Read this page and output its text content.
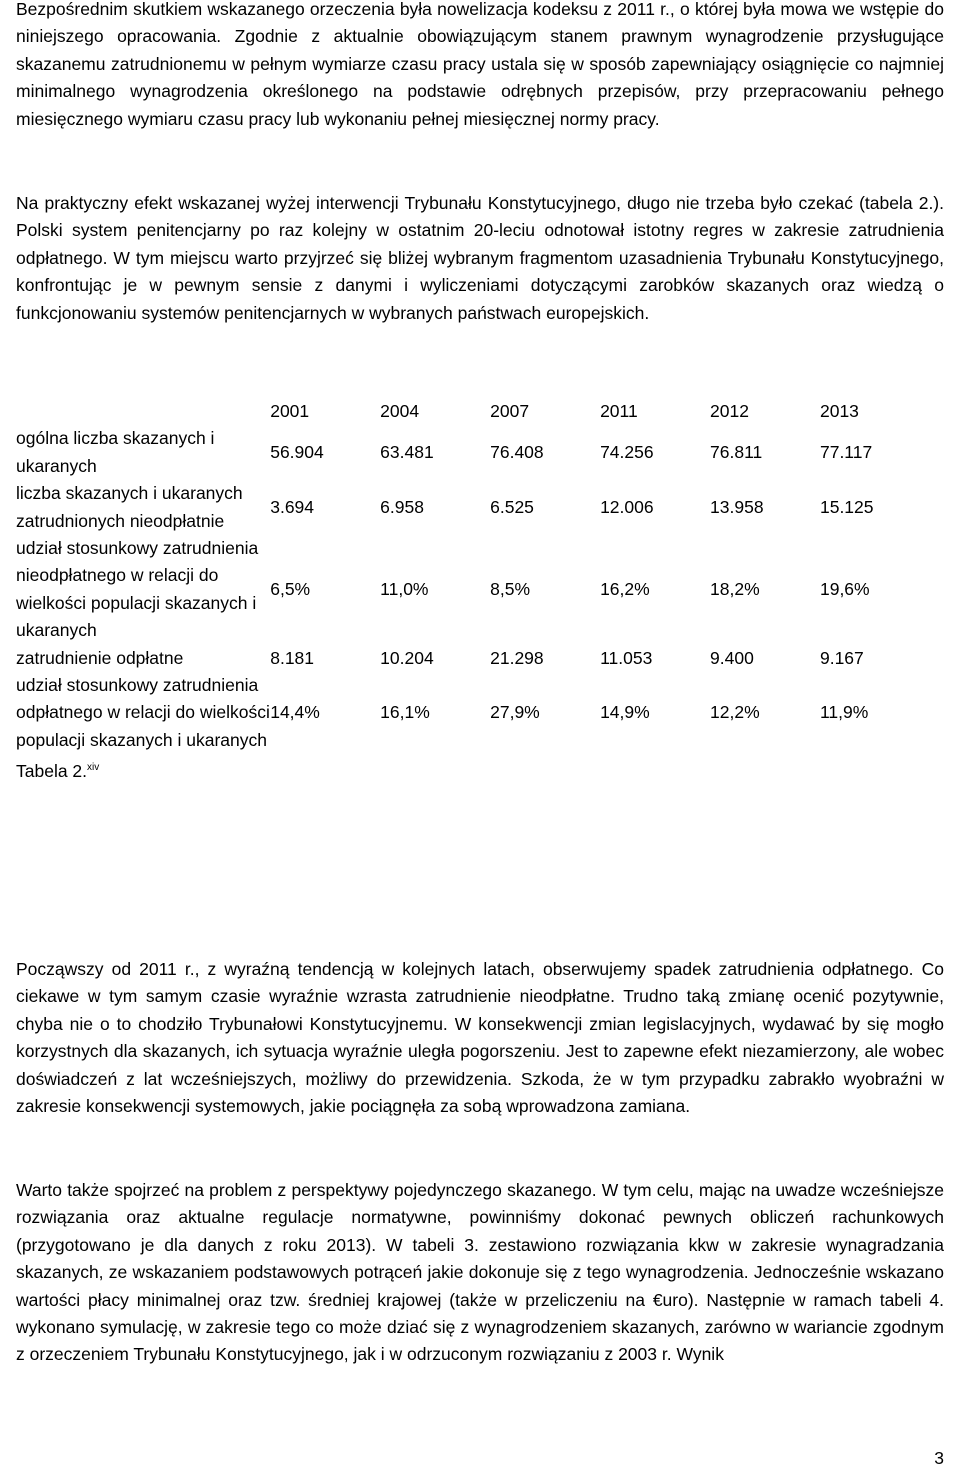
Bezpośrednim skutkiem wskazanego orzeczenia była nowelizacja kodeksu z 2011 r., o której była mowa we wstępie do niniejszego opracowania. Zgodnie z aktualnie obowiązującym stanem prawnym wynagrodzenie przysługujące skazanemu zatrudnionemu w pełnym wymiarze czasu pracy ustala się w sposób zapewniający osiągnięcie co najmniej minimalnego wynagrodzenia określonego na podstawie odrębnych przepisów, przy przepracowaniu pełnego miesięcznego wymiaru czasu pracy lub wykonaniu pełnej miesięcznej normy pracy.

Na praktyczny efekt wskazanej wyżej interwencji Trybunału Konstytucyjnego, długo nie trzeba było czekać (tabela 2.). Polski system penitencjarny po raz kolejny w ostatnim 20-leciu odnotował istotny regres w zakresie zatrudnienia odpłatnego. W tym miejscu warto przyjrzeć się bliżej wybranym fragmentom uzasadnienia Trybunału Konstytucyjnego, konfrontując je w pewnym sensie z danymi i wyliczeniami dotyczącymi zarobków skazanych oraz wiedzą o funkcjonowaniu systemów penitencjarnych w wybranych państwach europejskich.

	2001	2004	2007	2011	2012	2013
ogólna liczba skazanych i ukaranych	56.904	63.481	76.408	74.256	76.811	77.117
liczba skazanych i ukaranych zatrudnionych nieodpłatnie	3.694	6.958	6.525	12.006	13.958	15.125
udział stosunkowy zatrudnienia nieodpłatnego w relacji do wielkości populacji skazanych i ukaranych	6,5%	11,0%	8,5%	16,2%	18,2%	19,6%
zatrudnienie odpłatne	8.181	10.204	21.298	11.053	9.400	9.167
udział stosunkowy zatrudnienia odpłatnego w relacji do wielkości populacji skazanych i ukaranych	14,4%	16,1%	27,9%	14,9%	12,2%	11,9%
Tabela 2.$^{xiv}$

Począwszy od 2011 r., z wyraźną tendencją w kolejnych latach, obserwujemy spadek zatrudnienia odpłatnego. Co ciekawe w tym samym czasie wyraźnie wzrasta zatrudnienie nieodpłatne. Trudno taką zmianę ocenić pozytywnie, chyba nie o to chodziło Trybunałowi Konstytucyjnemu. W konsekwencji zmian legislacyjnych, wydawać by się mogło korzystnych dla skazanych, ich sytuacja wyraźnie uległa pogorszeniu. Jest to zapewne efekt niezamierzony, ale wobec doświadczeń z lat wcześniejszych, możliwy do przewidzenia. Szkoda, że w tym przypadku zabrakło wyobraźni w zakresie konsekwencji systemowych, jakie pociągnęła za sobą wprowadzona zamiana.

Warto także spojrzeć na problem z perspektywy pojedynczego skazanego. W tym celu, mając na uwadze wcześniejsze rozwiązania oraz aktualne regulacje normatywne, powinniśmy dokonać pewnych obliczeń rachunkowych (przygotowano je dla danych z roku 2013). W tabeli 3. zestawiono rozwiązania kkw w zakresie wynagradzania skazanych, ze wskazaniem podstawowych potrąceń jakie dokonuje się z tego wynagrodzenia. Jednocześnie wskazano wartości płacy minimalnej oraz tzw. średniej krajowej (także w przeliczeniu na €uro). Następnie w ramach tabeli 4. wykonano symulację, w zakresie tego co może dziać się z wynagrodzeniem skazanych, zarówno w wariancie zgodnym z orzeczeniem Trybunału Konstytucyjnego, jak i w odrzuconym rozwiązaniu z 2003 r. Wynik

3
